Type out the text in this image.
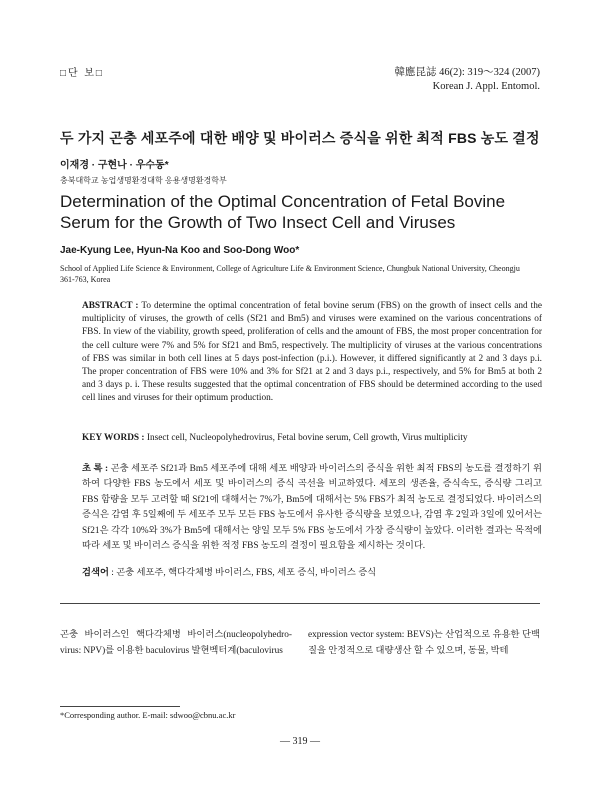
□단 보□	韓應昆誌 46(2): 319～324 (2007)
Korean J. Appl. Entomol.
두 가지 곤충 세포주에 대한 배양 및 바이러스 증식을 위한 최적 FBS 농도 결정
이재경 · 구현나 · 우수동*
충북대학교 농업생명환경대학 응용생명환경학부
Determination of the Optimal Concentration of Fetal Bovine Serum for the Growth of Two Insect Cell and Viruses
Jae-Kyung Lee, Hyun-Na Koo and Soo-Dong Woo*
School of Applied Life Science & Environment, College of Agriculture Life & Environment Science, Chungbuk National University, Cheongju 361-763, Korea
ABSTRACT : To determine the optimal concentration of fetal bovine serum (FBS) on the growth of insect cells and the multiplicity of viruses, the growth of cells (Sf21 and Bm5) and viruses were examined on the various concentrations of FBS. In view of the viability, growth speed, proliferation of cells and the amount of FBS, the most proper concentration for the cell culture were 7% and 5% for Sf21 and Bm5, respectively. The multiplicity of viruses at the various concentrations of FBS was similar in both cell lines at 5 days post-infection (p.i.). However, it differed significantly at 2 and 3 days p.i. The proper concentration of FBS were 10% and 3% for Sf21 at 2 and 3 days p.i., respectively, and 5% for Bm5 at both 2 and 3 days p. i. These results suggested that the optimal concentration of FBS should be determined according to the used cell lines and viruses for their optimum production.
KEY WORDS : Insect cell, Nucleopolyhedrovirus, Fetal bovine serum, Cell growth, Virus multiplicity
초 록 : 곤충 세포주 Sf21과 Bm5 세포주에 대해 세포 배양과 바이러스의 증식을 위한 최적 FBS의 농도를 결정하기 위하여 다양한 FBS 농도에서 세포 및 바이러스의 증식 곡선을 비교하였다. 세포의 생존율, 증식속도, 증식량 그리고 FBS 함량을 모두 고려할 때 Sf21에 대해서는 7%가, Bm5에 대해서는 5% FBS가 최적 농도로 결정되었다. 바이러스의 증식은 감염 후 5일째에 두 세포주 모두 모든 FBS 농도에서 유사한 증식량을 보였으나, 감염 후 2일과 3일에 있어서는 Sf21은 각각 10%와 3%가 Bm5에 대해서는 양일 모두 5% FBS 농도에서 가장 증식량이 높았다. 이러한 결과는 목적에 따라 세포 및 바이러스 증식을 위한 적정 FBS 농도의 결정이 필요함을 제시하는 것이다.
검색어 : 곤충 세포주, 핵다각체병 바이러스, FBS, 세포 증식, 바이러스 증식
곤충 바이러스인 핵다각체병 바이러스(nucleopolyhedro-virus: NPV)를 이용한 baculovirus 발현벡터계(baculovirus
expression vector system: BEVS)는 산업적으로 유용한 단백질을 안정적으로 대량생산 할 수 있으며, 동물, 박테
*Corresponding author. E-mail: sdwoo@cbnu.ac.kr
— 319 —
